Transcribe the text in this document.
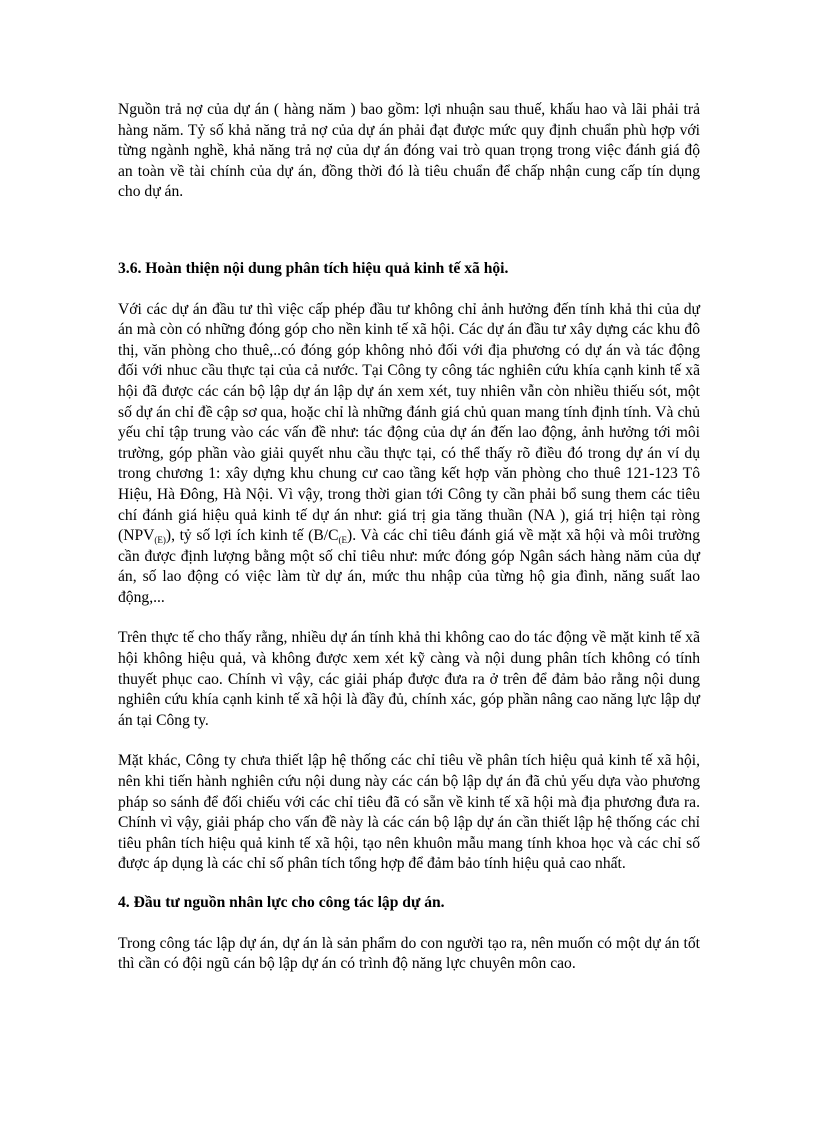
Nguồn trả nợ của dự án ( hàng năm ) bao gồm: lợi nhuận sau thuế, khấu hao và lãi phải trả hàng năm. Tỷ số khả năng trả nợ của dự án phải đạt được mức quy định chuẩn phù hợp với từng ngành nghề, khả năng trả nợ của dự án đóng vai trò quan trọng trong việc đánh giá độ an toàn về tài chính của dự án, đồng thời đó là tiêu chuẩn để chấp nhận cung cấp tín dụng cho dự án.

3.6. Hoàn thiện nội dung phân tích hiệu quả kinh tế xã hội.

Với các dự án đầu tư thì việc cấp phép đầu tư không chỉ ảnh hưởng đến tính khả thi của dự án mà còn có những đóng góp cho nền kinh tế xã hội. Các dự án đầu tư xây dựng các khu đô thị, văn phòng cho thuê,..có đóng góp không nhỏ đối với địa phương có dự án và tác động đối với nhuc cầu thực tại của cả nước. Tại Công ty công tác nghiên cứu khía cạnh kinh tế xã hội đã được các cán bộ lập dự án lập dự án xem xét, tuy nhiên vẫn còn nhiều thiếu sót, một số dự án chỉ đề cập sơ qua, hoặc chỉ là những đánh giá chủ quan mang tính định tính. Và chủ yếu chỉ tập trung vào các vấn đề như: tác động của dự án đến lao động, ảnh hưởng tới môi trường, góp phần vào giải quyết nhu cầu thực tại, có thể thấy rõ điều đó trong dự án ví dụ trong chương 1: xây dựng khu chung cư cao tầng kết hợp văn phòng cho thuê 121-123 Tô Hiệu, Hà Đông, Hà Nội. Vì vậy, trong thời gian tới Công ty cần phải bổ sung them các tiêu chí đánh giá hiệu quả kinh tế dự án như: giá trị gia tăng thuần (NA ), giá trị hiện tại ròng $(NPV_{(E)})$, tỷ số lợi ích kinh tế $(B/C_{(E})$. Và các chỉ tiêu đánh giá về mặt xã hội và môi trường cần được định lượng bằng một số chỉ tiêu như: mức đóng góp Ngân sách hàng năm của dự án, số lao động có việc làm từ dự án, mức thu nhập của từng hộ gia đình, năng suất lao động,...

Trên thực tế cho thấy rằng, nhiều dự án tính khả thi không cao do tác động về mặt kinh tế xã hội không hiệu quả, và không được xem xét kỹ càng và nội dung phân tích không có tính thuyết phục cao. Chính vì vậy, các giải pháp được đưa ra ở trên để đảm bảo rằng nội dung nghiên cứu khía cạnh kinh tế xã hội là đầy đủ, chính xác, góp phần nâng cao năng lực lập dự án tại Công ty.

Mặt khác, Công ty chưa thiết lập hệ thống các chỉ tiêu về phân tích hiệu quả kinh tế xã hội, nên khi tiến hành nghiên cứu nội dung này các cán bộ lập dự án đã chủ yếu dựa vào phương pháp so sánh để đối chiếu với các chỉ tiêu đã có sẵn về kinh tế xã hội mà địa phương đưa ra. Chính vì vậy, giải pháp cho vấn đề này là các cán bộ lập dự án cần thiết lập hệ thống các chỉ tiêu phân tích hiệu quả kinh tế xã hội, tạo nên khuôn mẫu mang tính khoa học và các chỉ số được áp dụng là các chỉ số phân tích tổng hợp để đảm bảo tính hiệu quả cao nhất.

4. Đầu tư nguồn nhân lực cho công tác lập dự án.

Trong công tác lập dự án, dự án là sản phẩm do con người tạo ra, nên muốn có một dự án tốt thì cần có đội ngũ cán bộ lập dự án có trình độ năng lực chuyên môn cao.
